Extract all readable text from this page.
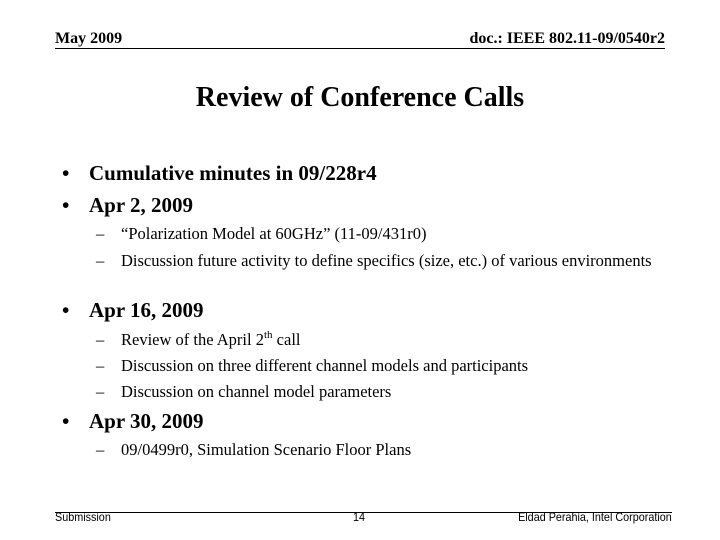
May 2009	doc.: IEEE 802.11-09/0540r2
Review of Conference Calls
• Cumulative minutes in 09/228r4
• Apr 2, 2009
– “Polarization Model at 60GHz” (11-09/431r0)
– Discussion future activity to define specifics (size, etc.) of various environments
• Apr 16, 2009
– Review of the April 2th call
– Discussion on three different channel models and participants
– Discussion on channel model parameters
• Apr 30, 2009
– 09/0499r0, Simulation Scenario Floor Plans
Submission	14	Eldad Perahia, Intel Corporation
